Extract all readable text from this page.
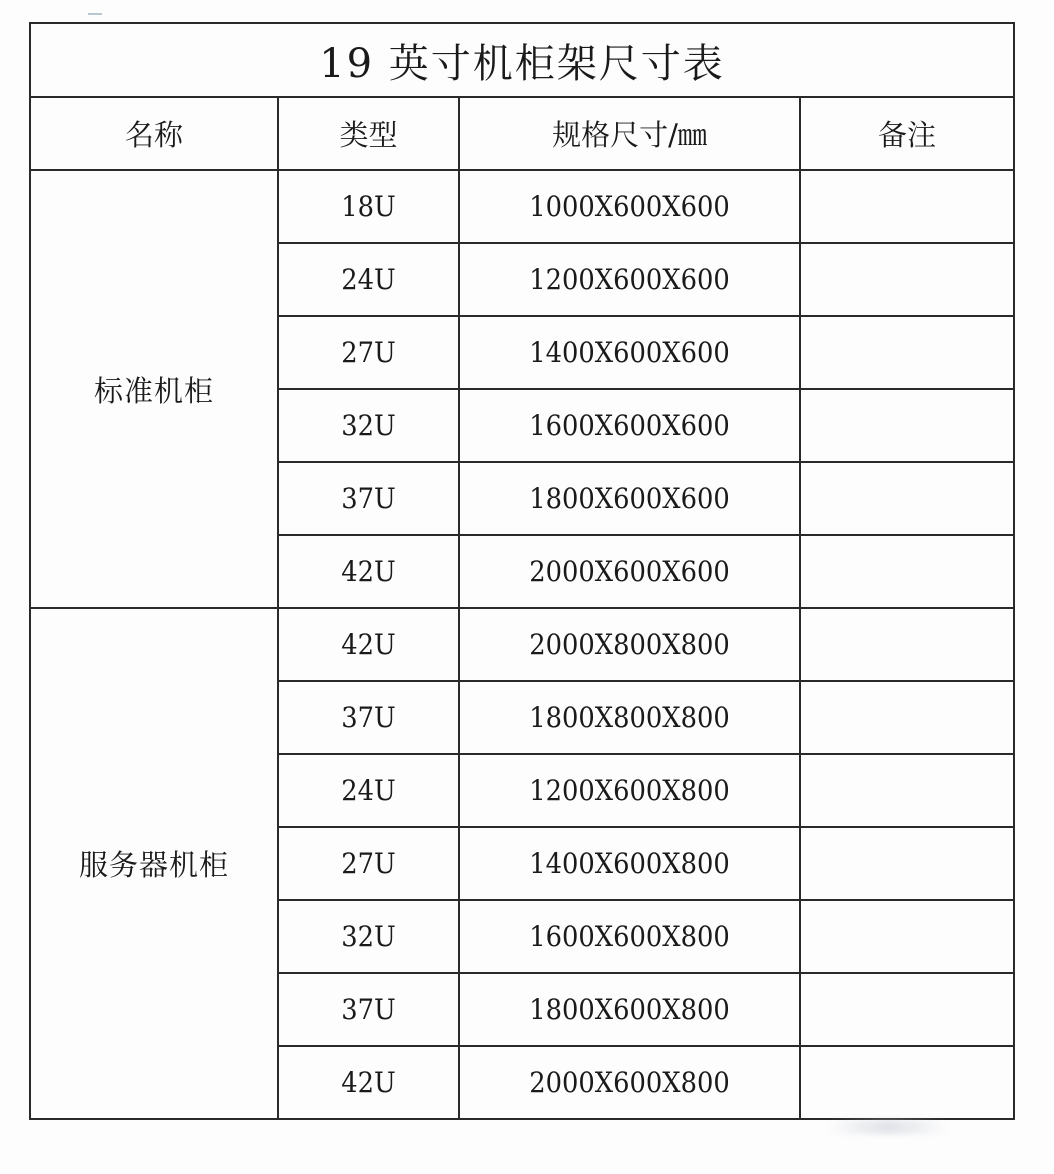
19 英寸机柜架尺寸表			
名称	类型	规格尺寸/㎜	备注
标准机柜	18U	1000X600X600	
	24U	1200X600X600	
	27U	1400X600X600	
	32U	1600X600X600	
	37U	1800X600X600	
	42U	2000X600X600	
服务器机柜	42U	2000X800X800	
	37U	1800X800X800	
	24U	1200X600X800	
	27U	1400X600X800	
	32U	1600X600X800	
	37U	1800X600X800	
	42U	2000X600X800	
